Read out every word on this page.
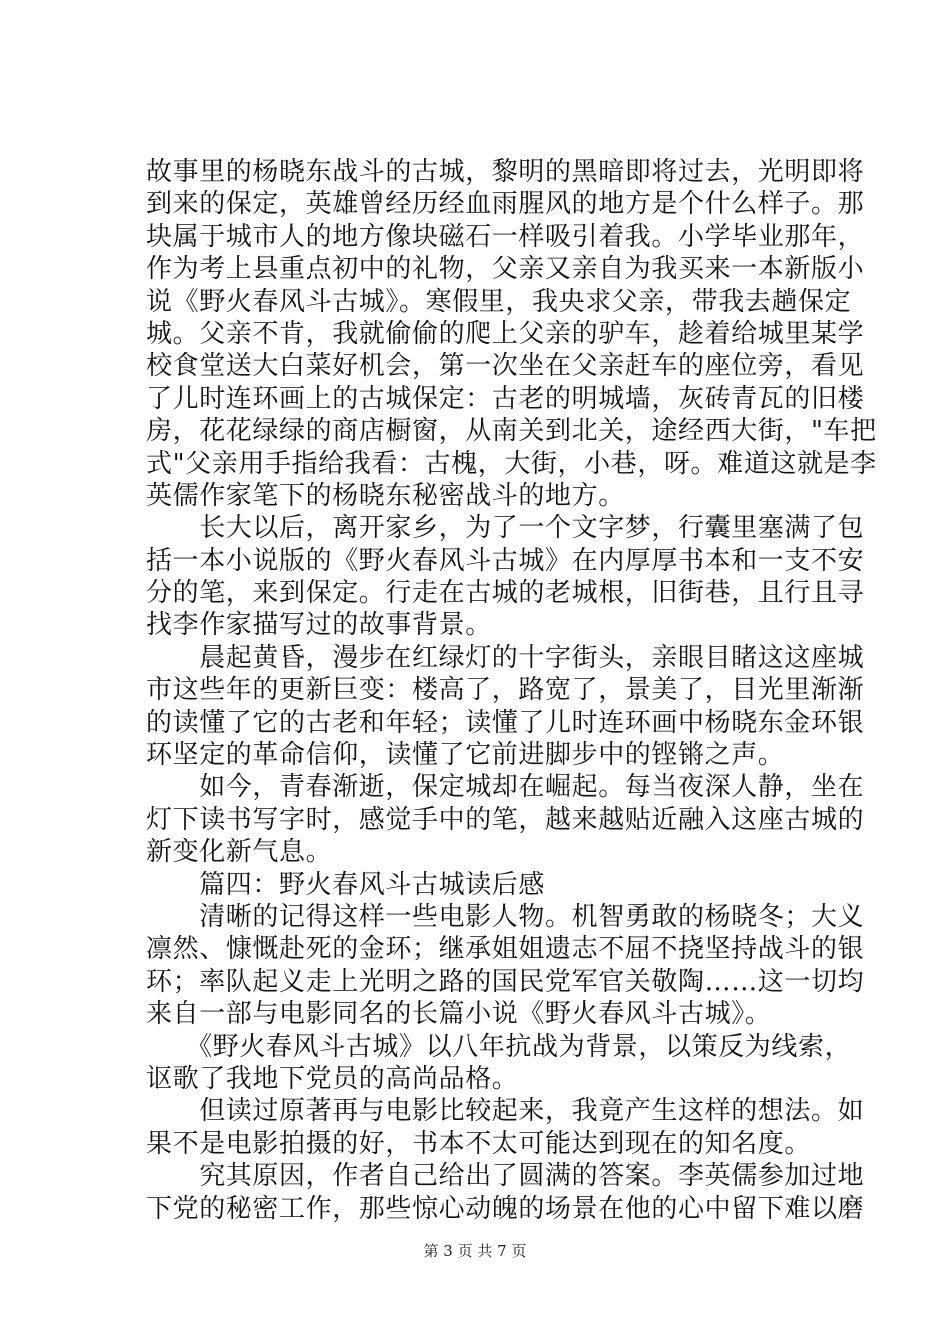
故事里的杨晓东战斗的古城，黎明的黑暗即将过去，光明即将
到来的保定，英雄曾经历经血雨腥风的地方是个什么样子。那
块属于城市人的地方像块磁石一样吸引着我。小学毕业那年，
作为考上县重点初中的礼物，父亲又亲自为我买来一本新版小
说《野火春风斗古城》。寒假里，我央求父亲，带我去趟保定
城。父亲不肯，我就偷偷的爬上父亲的驴车，趁着给城里某学
校食堂送大白菜好机会，第一次坐在父亲赶车的座位旁，看见
了儿时连环画上的古城保定：古老的明城墙，灰砖青瓦的旧楼
房，花花绿绿的商店橱窗，从南关到北关，途经西大街，"车把
式"父亲用手指给我看：古槐，大街，小巷，呀。难道这就是李
英儒作家笔下的杨晓东秘密战斗的地方。
　　长大以后，离开家乡，为了一个文字梦，行囊里塞满了包
括一本小说版的《野火春风斗古城》在内厚厚书本和一支不安
分的笔，来到保定。行走在古城的老城根，旧街巷，且行且寻
找李作家描写过的故事背景。
　　晨起黄昏，漫步在红绿灯的十字街头，亲眼目睹这这座城
市这些年的更新巨变：楼高了，路宽了，景美了，目光里渐渐
的读懂了它的古老和年轻；读懂了儿时连环画中杨晓东金环银
环坚定的革命信仰，读懂了它前进脚步中的铿锵之声。
　　如今，青春渐逝，保定城却在崛起。每当夜深人静，坐在
灯下读书写字时，感觉手中的笔，越来越贴近融入这座古城的
新变化新气息。
　　篇四：野火春风斗古城读后感
　　清晰的记得这样一些电影人物。机智勇敢的杨晓冬；大义
凛然、慷慨赴死的金环；继承姐姐遗志不屈不挠坚持战斗的银
环；率队起义走上光明之路的国民党军官关敬陶……这一切均
来自一部与电影同名的长篇小说《野火春风斗古城》。
　　《野火春风斗古城》以八年抗战为背景，以策反为线索，
讴歌了我地下党员的高尚品格。
　　但读过原著再与电影比较起来，我竟产生这样的想法。如
果不是电影拍摄的好，书本不太可能达到现在的知名度。
　　究其原因，作者自己给出了圆满的答案。李英儒参加过地
下党的秘密工作，那些惊心动魄的场景在他的心中留下难以磨
第 3 页 共 7 页
